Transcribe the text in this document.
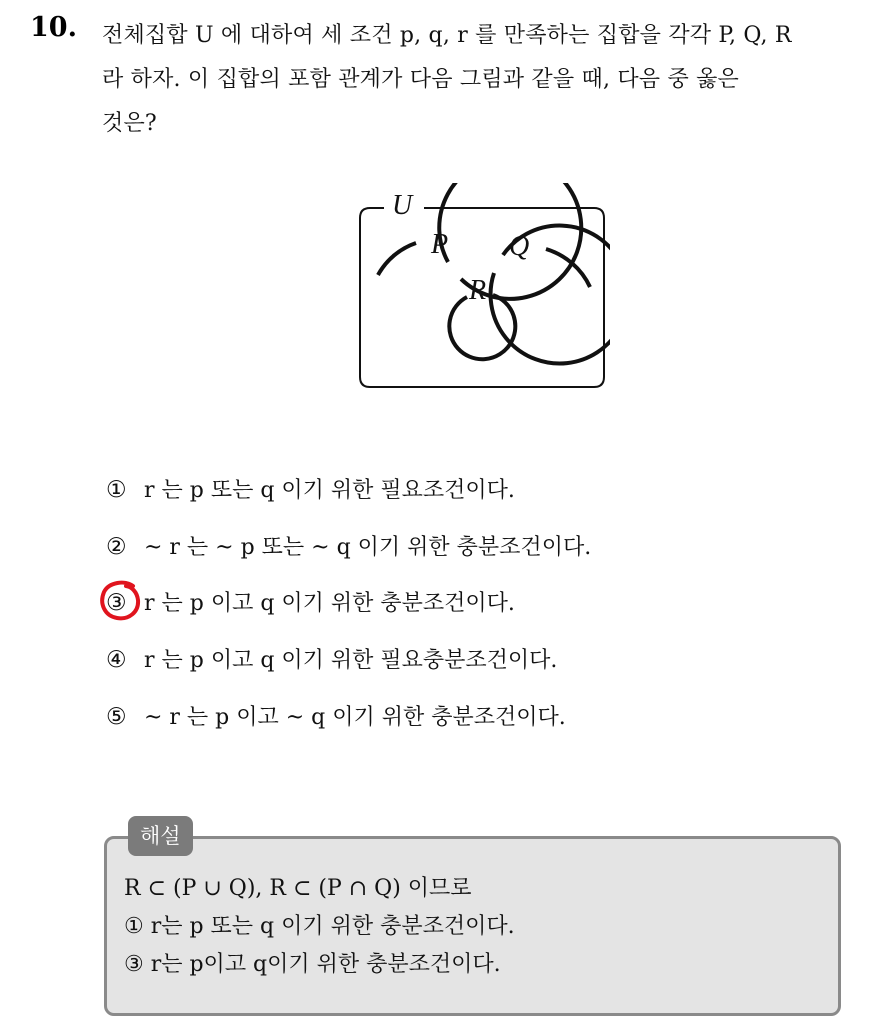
10. 전체집합 U 에 대하여 세 조건 p, q, r 를 만족하는 집합을 각각 P, Q, R
라 하자. 이 집합의 포함 관계가 다음 그림과 같을 때, 다음 중 옳은
것은?
U
P Q
R
① r 는 p 또는 q 이기 위한 필요조건이다.
② ~ r 는 ~ p 또는 ~ q 이기 위한 충분조건이다.
③ r 는 p 이고 q 이기 위한 충분조건이다.
④ r 는 p 이고 q 이기 위한 필요충분조건이다.
⑤ ~ r 는 p 이고 ~ q 이기 위한 충분조건이다.
해설
R ⊂ (P ∪ Q), R ⊂ (P ∩ Q) 이므로
① r는 p 또는 q 이기 위한 충분조건이다.
③ r는 p이고 q이기 위한 충분조건이다.
